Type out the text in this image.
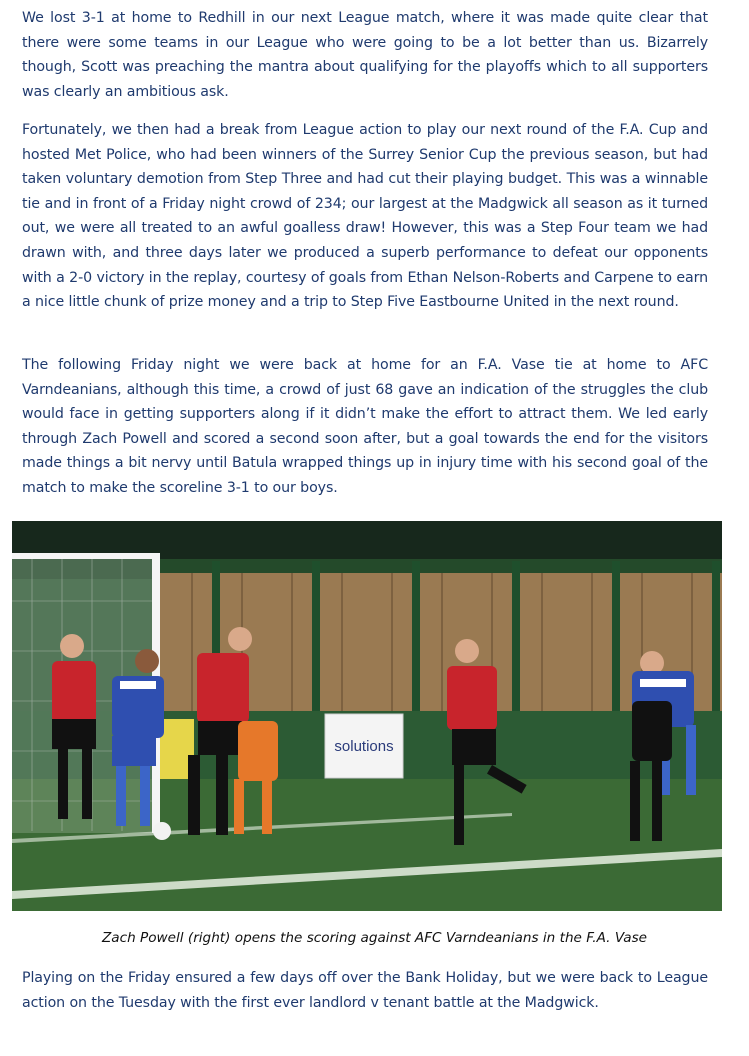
We lost 3-1 at home to Redhill in our next League match, where it was made quite clear that there were some teams in our League who were going to be a lot better than us. Bizarrely though, Scott was preaching the mantra about qualifying for the playoffs which to all supporters was clearly an ambitious ask.

Fortunately, we then had a break from League action to play our next round of the F.A. Cup and hosted Met Police, who had been winners of the Surrey Senior Cup the previous season, but had taken voluntary demotion from Step Three and had cut their playing budget. This was a winnable tie and in front of a Friday night crowd of 234; our largest at the Madgwick all season as it turned out, we were all treated to an awful goalless draw! However, this was a Step Four team we had drawn with, and three days later we produced a superb performance to defeat our opponents with a 2-0 victory in the replay, courtesy of goals from Ethan Nelson-Roberts and Carpene to earn a nice little chunk of prize money and a trip to Step Five Eastbourne United in the next round.

The following Friday night we were back at home for an F.A. Vase tie at home to AFC Varndeanians, although this time, a crowd of just 68 gave an indication of the struggles the club would face in getting supporters along if it didn’t make the effort to attract them. We led early through Zach Powell and scored a second soon after, but a goal towards the end for the visitors made things a bit nervy until Batula wrapped things up in injury time with his second goal of the match to make the scoreline 3-1 to our boys.

solutions

Zach Powell (right) opens the scoring against AFC Varndeanians in the F.A. Vase

Playing on the Friday ensured a few days off over the Bank Holiday, but we were back to League action on the Tuesday with the first ever landlord v tenant battle at the Madgwick.
